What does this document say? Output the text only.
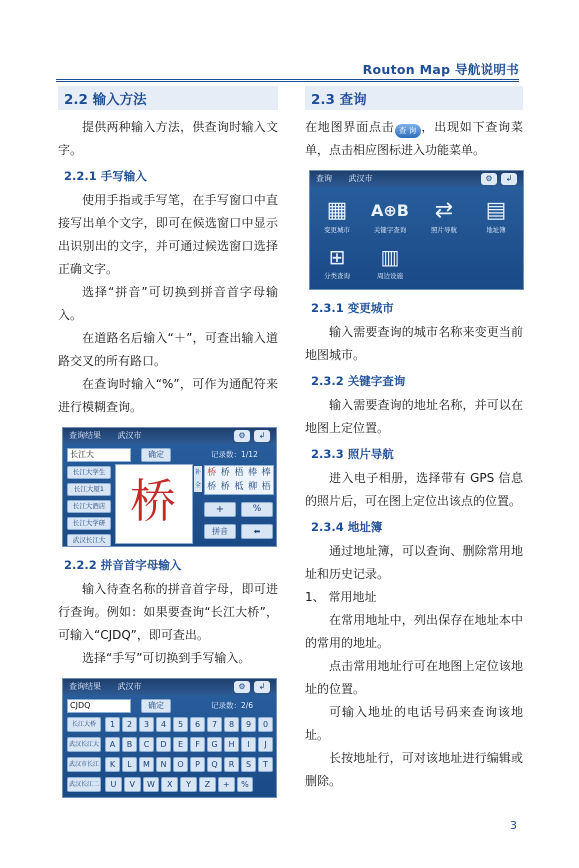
Routon Map 导航说明书
2.2 输入方法

提供两种输入方法，供查询时输入文字。

2.2.1 手写输入

使用手指或手写笔，在手写窗口中直接写出单个文字，即可在候选窗口中显示出识别出的文字，并可通过候选窗口选择正确文字。

选择“拼音”可切换到拼音首字母输入。

在道路名后输入“＋”，可查出输入道路交叉的所有路口。

在查询时输入“%”，可作为通配符来进行模糊查询。

查询结果 武汉市	⚙	↲
长江大	确定	记录数：1/12
长江大学生
长江大厦1
长江大酒店
长江大学研
武汉长江大
桥
补全
桥 桥 梧 棒 棒
桥 桥 柢 柳 梧
+	%
拼音	⬅
2.2.2 拼音首字母输入

输入待查名称的拼音首字母，即可进行查询。例如：如果要查询“长江大桥”，可输入“CJDQ”，即可查出。

选择“手写”可切换到手写输入。

查询结果 武汉市	⚙	↲
CJDQ	确定	记录数：2/6
长江大桥
武汉长江大
武汉市长江
武汉长江二
1	2	3	4	5	6	7	8	9	0
A	B	C	D	E	F	G	H	I	J
K	L	M	N	O	P	Q	R	S	T
U	V	W	X	Y	Z	+	%
2.3 查询

在地图界面点击 查 询 ，出现如下查询菜单，点击相应图标进入功能菜单。

查询 武汉市	⚙	↲
▦
变更城市
A⊕B
关键字查询
⇄
照片导航
▤
地址簿
⊞
分类查询
▥
周边设施
2.3.1 变更城市

输入需要查询的城市名称来变更当前地图城市。

2.3.2 关键字查询

输入需要查询的地址名称，并可以在地图上定位置。

2.3.3 照片导航

进入电子相册，选择带有 GPS 信息的照片后，可在图上定位出该点的位置。

2.3.4 地址簿

通过地址簿，可以查询、删除常用地址和历史记录。

1、 常用地址

在常用地址中，列出保存在地址本中的常用的地址。

点击常用地址行可在地图上定位该地址的位置。

可输入地址的电话号码来查询该地址。

长按地址行，可对该地址进行编辑或删除。

3
